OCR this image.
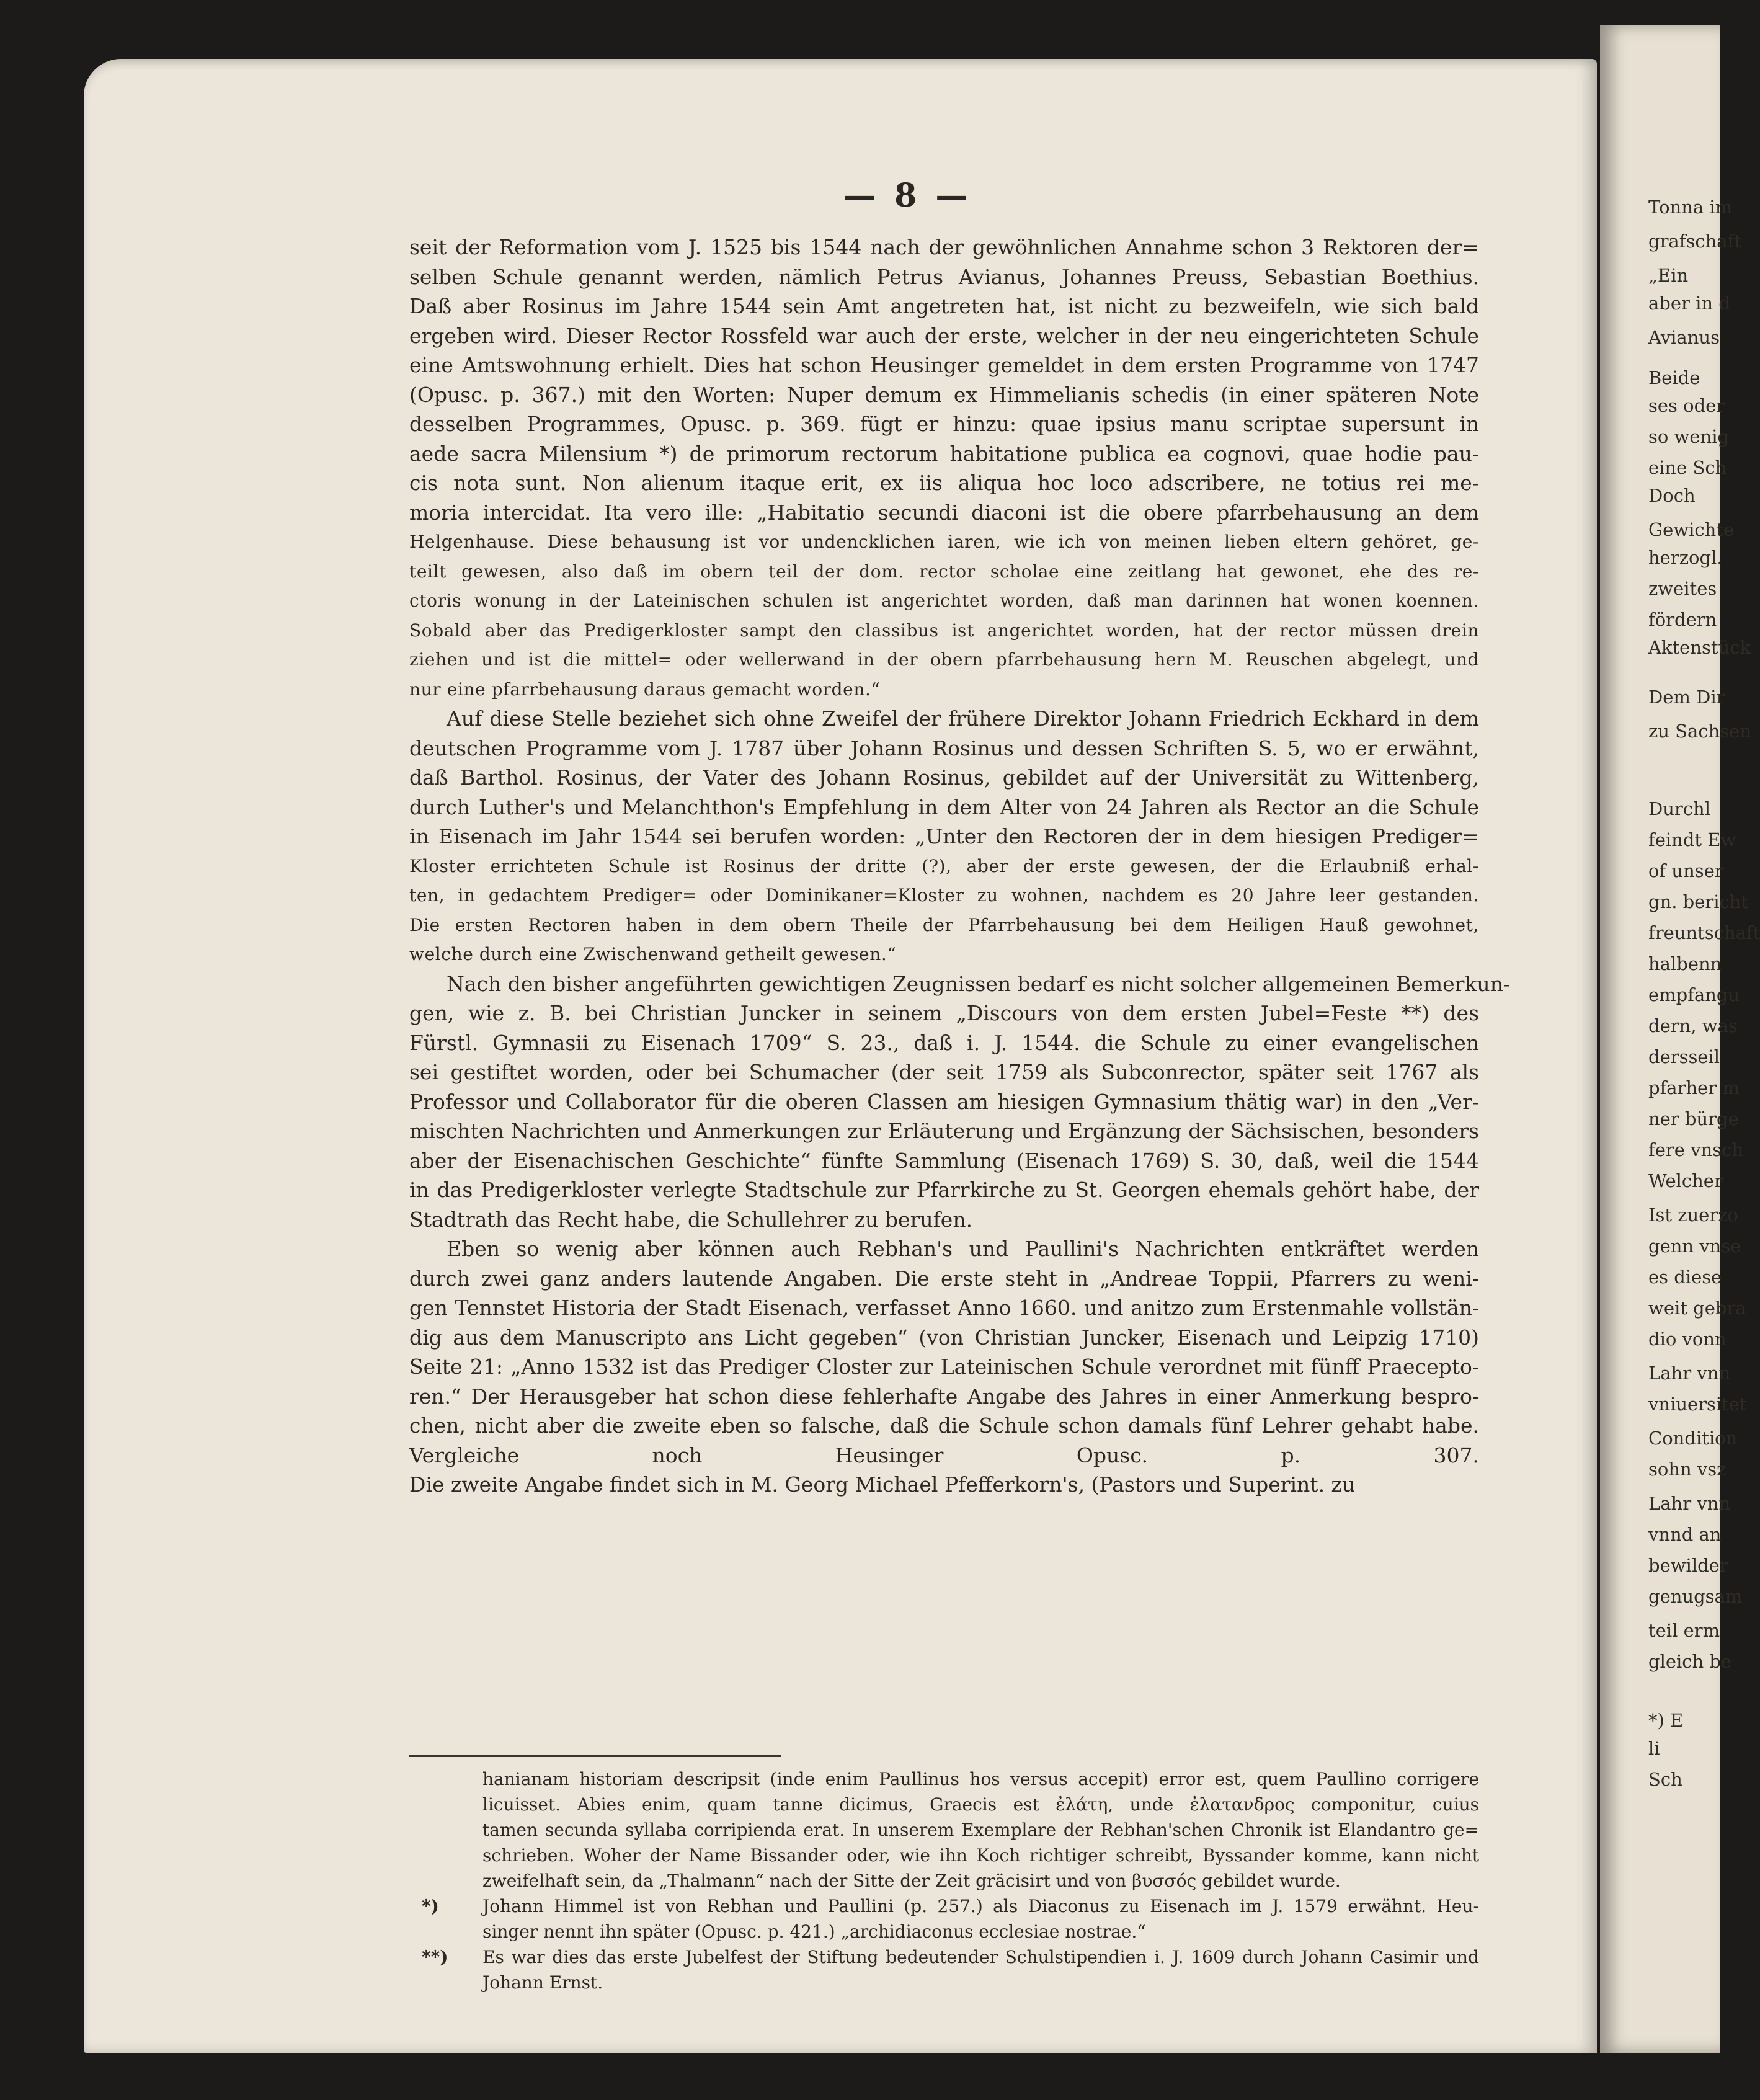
Tonna im
grafschaft
„Ein
aber in d
Avianus
Beide
ses oder
so wenig
eine Sch
Doch
Gewichte
herzogl.
zweites
fördern
Aktenstück
Dem Dir
zu Sachsen
Durchl
feindt Ew
of unser
gn. bericht
freuntschaft
halbenn
empfangu
dern, was
dersseil
pfarher m
ner bürge
fere vnsch
Welcher
Ist zuerzo
genn vnse
es diese
weit gebra
dio vonn
Lahr vnn
vniuersitet
Condition
sohn vsz
Lahr vnn
vnnd an
bewilder
genugsam
teil erm
gleich be
*) E
li
Sch
— 8 —
seit der Reformation vom J. 1525 bis 1544 nach der gewöhnlichen Annahme schon 3 Rektoren der=
selben Schule genannt werden, nämlich Petrus Avianus, Johannes Preuss, Sebastian Boethius.
Daß aber Rosinus im Jahre 1544 sein Amt angetreten hat, ist nicht zu bezweifeln, wie sich bald
ergeben wird. Dieser Rector Rossfeld war auch der erste, welcher in der neu eingerichteten Schule
eine Amtswohnung erhielt. Dies hat schon Heusinger gemeldet in dem ersten Programme von 1747
(Opusc. p. 367.) mit den Worten: Nuper demum ex Himmelianis schedis (in einer späteren Note
desselben Programmes, Opusc. p. 369. fügt er hinzu: quae ipsius manu scriptae supersunt in
aede sacra Milensium *) de primorum rectorum habitatione publica ea cognovi, quae hodie pau-
cis nota sunt. Non alienum itaque erit, ex iis aliqua hoc loco adscribere, ne totius rei me-
moria intercidat. Ita vero ille: „Habitatio secundi diaconi ist die obere pfarrbehausung an dem
Helgenhause. Diese behausung ist vor undencklichen iaren, wie ich von meinen lieben eltern gehöret, ge-
teilt gewesen, also daß im obern teil der dom. rector scholae eine zeitlang hat gewonet, ehe des re-
ctoris wonung in der Lateinischen schulen ist angerichtet worden, daß man darinnen hat wonen koennen.
Sobald aber das Predigerkloster sampt den classibus ist angerichtet worden, hat der rector müssen drein
ziehen und ist die mittel= oder wellerwand in der obern pfarrbehausung hern M. Reuschen abgelegt, und
nur eine pfarrbehausung daraus gemacht worden.“
Auf diese Stelle beziehet sich ohne Zweifel der frühere Direktor Johann Friedrich Eckhard in dem
deutschen Programme vom J. 1787 über Johann Rosinus und dessen Schriften S. 5, wo er erwähnt,
daß Barthol. Rosinus, der Vater des Johann Rosinus, gebildet auf der Universität zu Wittenberg,
durch Luther's und Melanchthon's Empfehlung in dem Alter von 24 Jahren als Rector an die Schule
in Eisenach im Jahr 1544 sei berufen worden: „Unter den Rectoren der in dem hiesigen Prediger=
Kloster errichteten Schule ist Rosinus der dritte (?), aber der erste gewesen, der die Erlaubniß erhal-
ten, in gedachtem Prediger= oder Dominikaner=Kloster zu wohnen, nachdem es 20 Jahre leer gestanden.
Die ersten Rectoren haben in dem obern Theile der Pfarrbehausung bei dem Heiligen Hauß gewohnet,
welche durch eine Zwischenwand getheilt gewesen.“
Nach den bisher angeführten gewichtigen Zeugnissen bedarf es nicht solcher allgemeinen Bemerkun-
gen, wie z. B. bei Christian Juncker in seinem „Discours von dem ersten Jubel=Feste **) des
Fürstl. Gymnasii zu Eisenach 1709“ S. 23., daß i. J. 1544. die Schule zu einer evangelischen
sei gestiftet worden, oder bei Schumacher (der seit 1759 als Subconrector, später seit 1767 als
Professor und Collaborator für die oberen Classen am hiesigen Gymnasium thätig war) in den „Ver-
mischten Nachrichten und Anmerkungen zur Erläuterung und Ergänzung der Sächsischen, besonders
aber der Eisenachischen Geschichte“ fünfte Sammlung (Eisenach 1769) S. 30, daß, weil die 1544
in das Predigerkloster verlegte Stadtschule zur Pfarrkirche zu St. Georgen ehemals gehört habe, der
Stadtrath das Recht habe, die Schullehrer zu berufen.
Eben so wenig aber können auch Rebhan's und Paullini's Nachrichten entkräftet werden
durch zwei ganz anders lautende Angaben. Die erste steht in „Andreae Toppii, Pfarrers zu weni-
gen Tennstet Historia der Stadt Eisenach, verfasset Anno 1660. und anitzo zum Erstenmahle vollstän-
dig aus dem Manuscripto ans Licht gegeben“ (von Christian Juncker, Eisenach und Leipzig 1710)
Seite 21: „Anno 1532 ist das Prediger Closter zur Lateinischen Schule verordnet mit fünff Praecepto-
ren.“ Der Herausgeber hat schon diese fehlerhafte Angabe des Jahres in einer Anmerkung bespro-
chen, nicht aber die zweite eben so falsche, daß die Schule schon damals fünf Lehrer gehabt habe.
Vergleiche noch Heusinger Opusc. p. 307.
Die zweite Angabe findet sich in M. Georg Michael Pfefferkorn's, (Pastors und Superint. zu
hanianam historiam descripsit (inde enim Paullinus hos versus accepit) error est, quem Paullino corrigere
licuisset. Abies enim, quam tanne dicimus, Graecis est ἐλάτη, unde ἐλατανδρος componitur, cuius
tamen secunda syllaba corripienda erat. In unserem Exemplare der Rebhan'schen Chronik ist Elandantro ge=
schrieben. Woher der Name Bissander oder, wie ihn Koch richtiger schreibt, Byssander komme, kann nicht
zweifelhaft sein, da „Thalmann“ nach der Sitte der Zeit gräcisirt und von βυσσός gebildet wurde.
*)	Johann Himmel ist von Rebhan und Paullini (p. 257.) als Diaconus zu Eisenach im J. 1579 erwähnt. Heu-
singer nennt ihn später (Opusc. p. 421.) „archidiaconus ecclesiae nostrae.“
**) Es war dies das erste Jubelfest der Stiftung bedeutender Schulstipendien i. J. 1609 durch Johann Casimir und
Johann Ernst.
